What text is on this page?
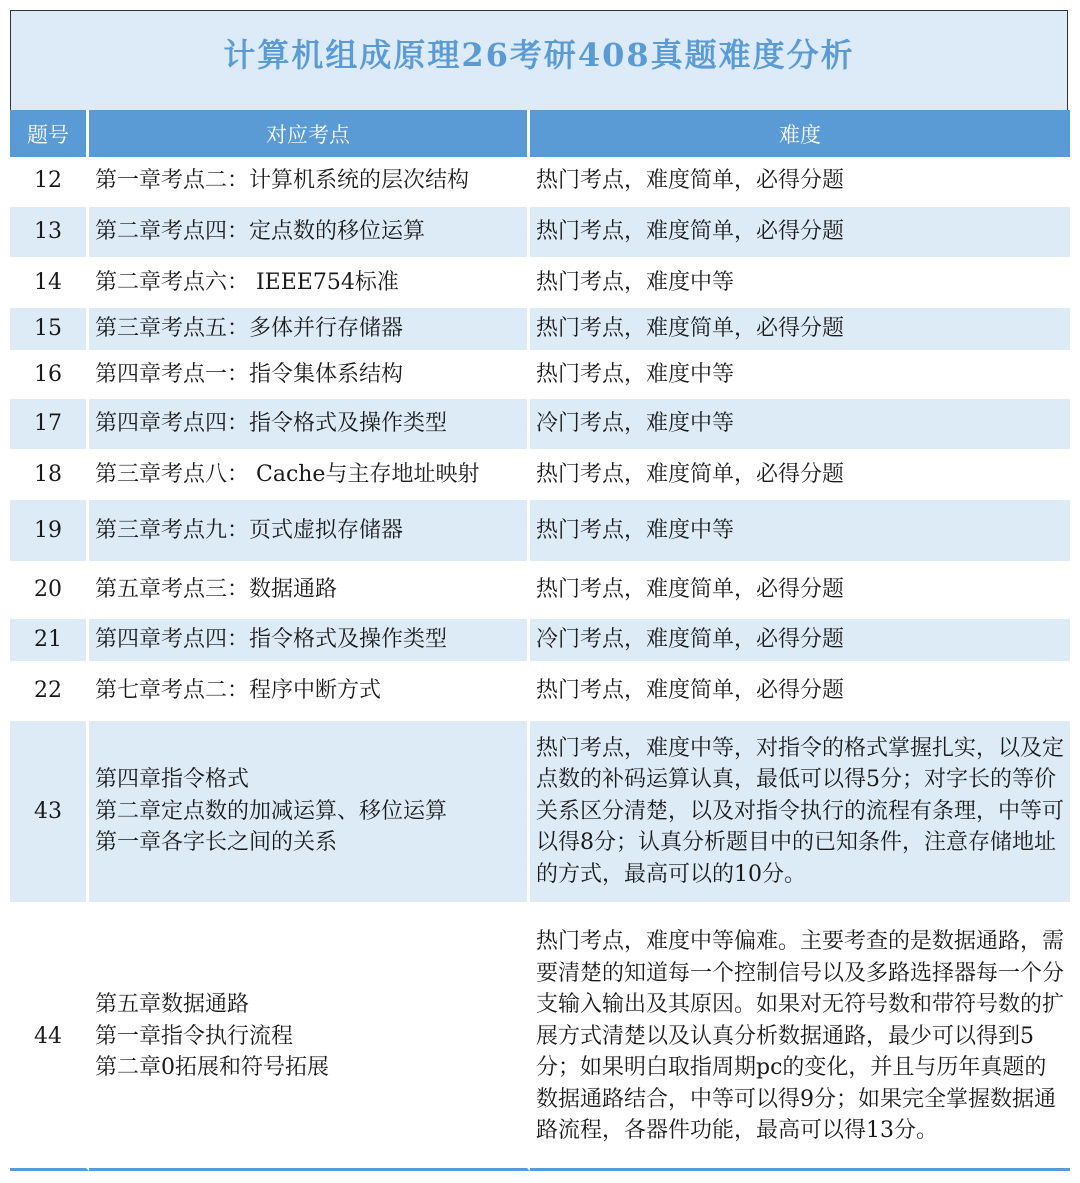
计算机组成原理26考研408真题难度分析
题号	对应考点	难度
12	第一章考点二：计算机系统的层次结构	热门考点，难度简单，必得分题
13	第二章考点四：定点数的移位运算	热门考点，难度简单，必得分题
14	第二章考点六： IEEE754标准	热门考点，难度中等
15	第三章考点五：多体并行存储器	热门考点，难度简单，必得分题
16	第四章考点一：指令集体系结构	热门考点，难度中等
17	第四章考点四：指令格式及操作类型	冷门考点，难度中等
18	第三章考点八： Cache与主存地址映射	热门考点，难度简单，必得分题
19	第三章考点九：页式虚拟存储器	热门考点，难度中等
20	第五章考点三：数据通路	热门考点，难度简单，必得分题
21	第四章考点四：指令格式及操作类型	冷门考点，难度简单，必得分题
22	第七章考点二：程序中断方式	热门考点，难度简单，必得分题
43	第四章指令格式
第二章定点数的加减运算、移位运算
第一章各字长之间的关系	热门考点，难度中等，对指令的格式掌握扎实，以及定点数的补码运算认真，最低可以得5分；对字长的等价关系区分清楚，以及对指令执行的流程有条理，中等可以得8分；认真分析题目中的已知条件，注意存储地址的方式，最高可以的10分。
44	第五章数据通路
第一章指令执行流程
第二章0拓展和符号拓展	热门考点，难度中等偏难。主要考查的是数据通路，需要清楚的知道每一个控制信号以及多路选择器每一个分支输入输出及其原因。如果对无符号数和带符号数的扩展方式清楚以及认真分析数据通路，最少可以得到5分；如果明白取指周期pc的变化，并且与历年真题的数据通路结合，中等可以得9分；如果完全掌握数据通路流程，各器件功能，最高可以得13分。
